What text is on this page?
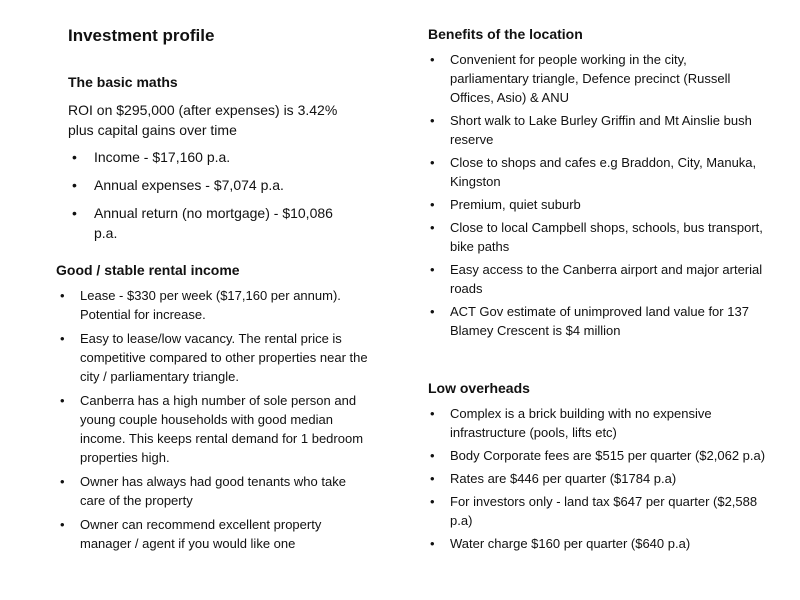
Investment profile
The basic maths

ROI on $295,000 (after expenses) is 3.42% plus capital gains over time

• Income - $17,160 p.a.
• Annual expenses - $7,074 p.a.
• Annual return (no mortgage) - $10,086 p.a.
Good / stable rental income
• Lease - $330 per week ($17,160 per annum). Potential for increase.
• Easy to lease/low vacancy. The rental price is competitive compared to other properties near the city / parliamentary triangle.
• Canberra has a high number of sole person and young couple households with good median income. This keeps rental demand for 1 bedroom properties high.
• Owner has always had good tenants who take care of the property
• Owner can recommend excellent property manager / agent if you would like one
Benefits of the location
• Convenient for people working in the city, parliamentary triangle, Defence precinct (Russell Offices, Asio) & ANU
• Short walk to Lake Burley Griffin and Mt Ainslie bush reserve
• Close to shops and cafes e.g Braddon, City, Manuka, Kingston
• Premium, quiet suburb
• Close to local Campbell shops, schools, bus transport, bike paths
• Easy access to the Canberra airport and major arterial roads
• ACT Gov estimate of unimproved land value for 137 Blamey Crescent is $4 million
Low overheads
• Complex is a brick building with no expensive infrastructure (pools, lifts etc)
• Body Corporate fees are $515 per quarter ($2,062 p.a)
• Rates are $446 per quarter ($1784 p.a)
• For investors only - land tax $647 per quarter ($2,588 p.a)
• Water charge $160 per quarter ($640 p.a)
